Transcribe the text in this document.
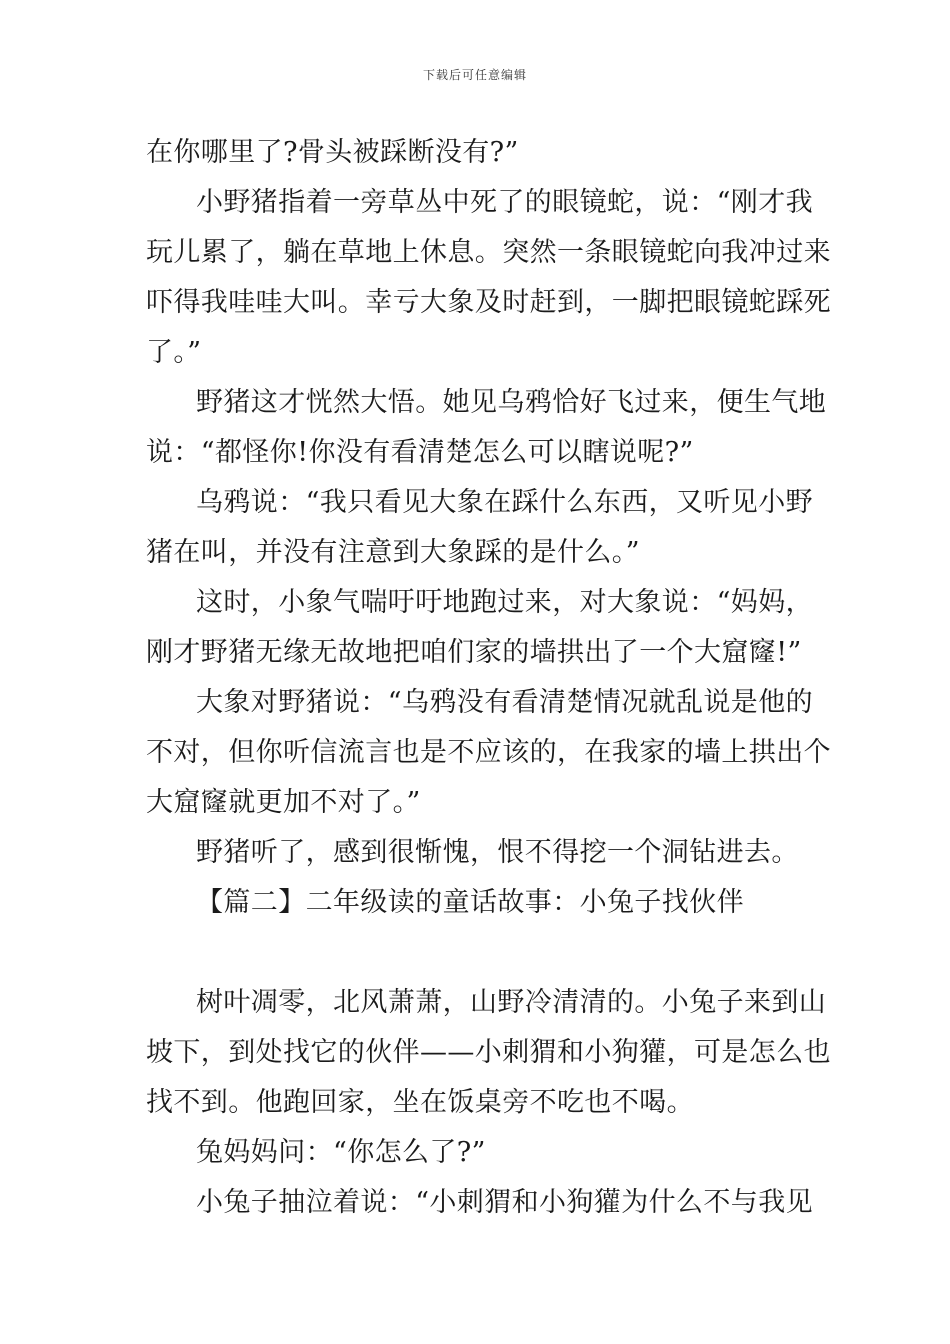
下载后可任意编辑
在你哪里了?骨头被踩断没有?”
小野猪指着一旁草丛中死了的眼镜蛇，说：“刚才我
玩儿累了，躺在草地上休息。突然一条眼镜蛇向我冲过来
吓得我哇哇大叫。幸亏大象及时赶到，一脚把眼镜蛇踩死
了。”
野猪这才恍然大悟。她见乌鸦恰好飞过来，便生气地
说：“都怪你!你没有看清楚怎么可以瞎说呢?”
乌鸦说：“我只看见大象在踩什么东西，又听见小野
猪在叫，并没有注意到大象踩的是什么。”
这时，小象气喘吁吁地跑过来，对大象说：“妈妈，
刚才野猪无缘无故地把咱们家的墙拱出了一个大窟窿!”
大象对野猪说：“乌鸦没有看清楚情况就乱说是他的
不对，但你听信流言也是不应该的，在我家的墙上拱出个
大窟窿就更加不对了。”
野猪听了，感到很惭愧，恨不得挖一个洞钻进去。
【篇二】二年级读的童话故事：小兔子找伙伴
树叶凋零，北风萧萧，山野冷清清的。小兔子来到山
坡下，到处找它的伙伴——小刺猬和小狗獾，可是怎么也
找不到。他跑回家，坐在饭桌旁不吃也不喝。
兔妈妈问：“你怎么了?”
小兔子抽泣着说：“小刺猬和小狗獾为什么不与我见
